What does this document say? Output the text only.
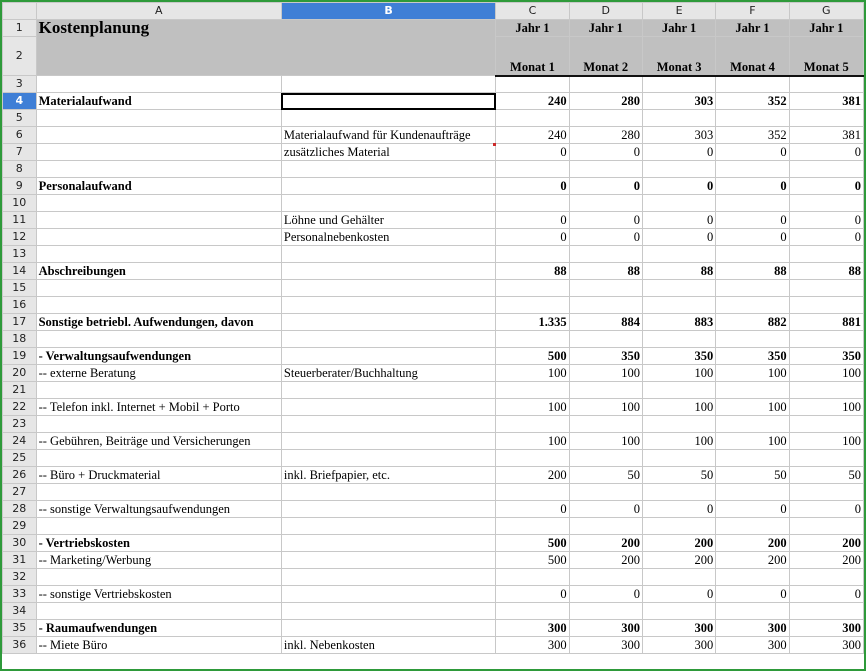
	A	B	C	D	E	F	G
1	Kostenplanung		Jahr 1	Jahr 1	Jahr 1	Jahr 1	Jahr 1
2			Monat 1	Monat 2	Monat 3	Monat 4	Monat 5
3							
4	Materialaufwand		240	280	303	352	381
5							
6		Materialaufwand für Kundenaufträge	240	280	303	352	381
7		zusätzliches Material	0	0	0	0	0
8							
9	Personalaufwand		0	0	0	0	0
10							
11		Löhne und Gehälter	0	0	0	0	0
12		Personalnebenkosten	0	0	0	0	0
13							
14	Abschreibungen		88	88	88	88	88
15							
16							
17	Sonstige betriebl. Aufwendungen, davon		1.335	884	883	882	881
18							
19	- Verwaltungsaufwendungen		500	350	350	350	350
20	-- externe Beratung	Steuerberater/Buchhaltung	100	100	100	100	100
21							
22	-- Telefon inkl. Internet + Mobil + Porto		100	100	100	100	100
23							
24	-- Gebühren, Beiträge und Versicherungen		100	100	100	100	100
25							
26	-- Büro + Druckmaterial	inkl. Briefpapier, etc.	200	50	50	50	50
27							
28	-- sonstige Verwaltungsaufwendungen		0	0	0	0	0
29							
30	- Vertriebskosten		500	200	200	200	200
31	-- Marketing/Werbung		500	200	200	200	200
32							
33	-- sonstige Vertriebskosten		0	0	0	0	0
34							
35	- Raumaufwendungen		300	300	300	300	300
36	-- Miete Büro	inkl. Nebenkosten	300	300	300	300	300
